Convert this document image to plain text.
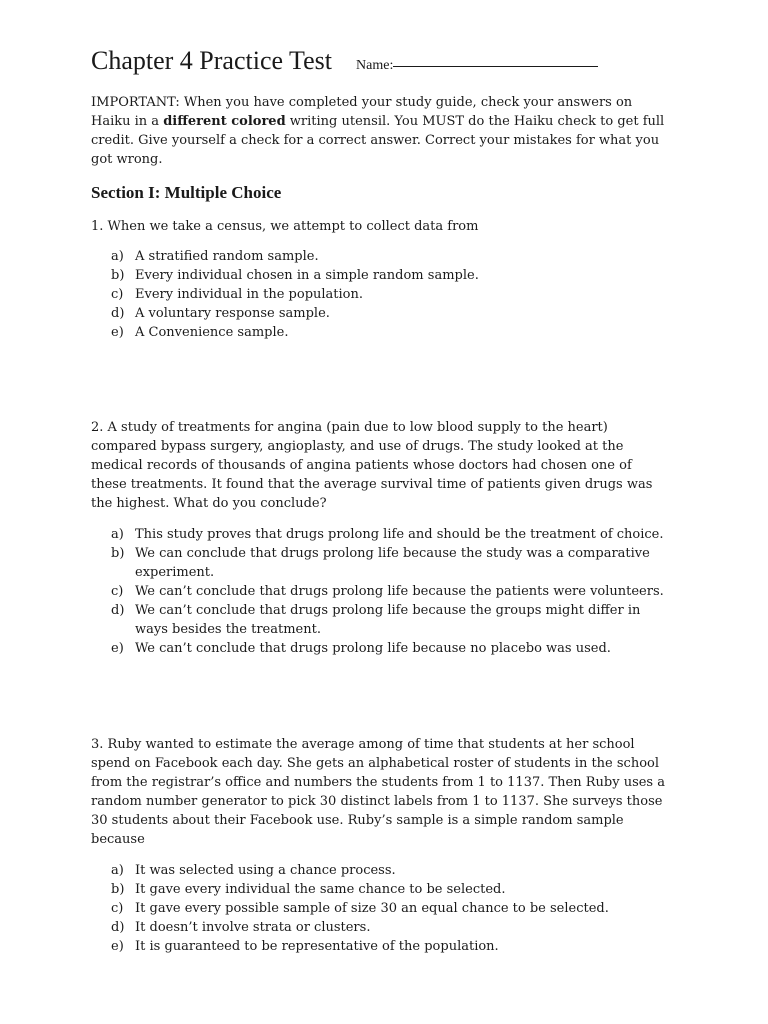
Chapter 4 Practice Test Name:

IMPORTANT: When you have completed your study guide, check your answers on Haiku in a different colored writing utensil. You MUST do the Haiku check to get full credit. Give yourself a check for a correct answer. Correct your mistakes for what you got wrong.

Section I: Multiple Choice

1. When we take a census, we attempt to collect data from

a) A stratified random sample.
b) Every individual chosen in a simple random sample.
c) Every individual in the population.
d) A voluntary response sample.
e) A Convenience sample.

2. A study of treatments for angina (pain due to low blood supply to the heart) compared bypass surgery, angioplasty, and use of drugs. The study looked at the medical records of thousands of angina patients whose doctors had chosen one of these treatments. It found that the average survival time of patients given drugs was the highest. What do you conclude?

a) This study proves that drugs prolong life and should be the treatment of choice.
b) We can conclude that drugs prolong life because the study was a comparative experiment.
c) We can’t conclude that drugs prolong life because the patients were volunteers.
d) We can’t conclude that drugs prolong life because the groups might differ in ways besides the treatment.
e) We can’t conclude that drugs prolong life because no placebo was used.

3. Ruby wanted to estimate the average among of time that students at her school spend on Facebook each day. She gets an alphabetical roster of students in the school from the registrar’s office and numbers the students from 1 to 1137. Then Ruby uses a random number generator to pick 30 distinct labels from 1 to 1137. She surveys those 30 students about their Facebook use. Ruby’s sample is a simple random sample because

a) It was selected using a chance process.
b) It gave every individual the same chance to be selected.
c) It gave every possible sample of size 30 an equal chance to be selected.
d) It doesn’t involve strata or clusters.
e) It is guaranteed to be representative of the population.
